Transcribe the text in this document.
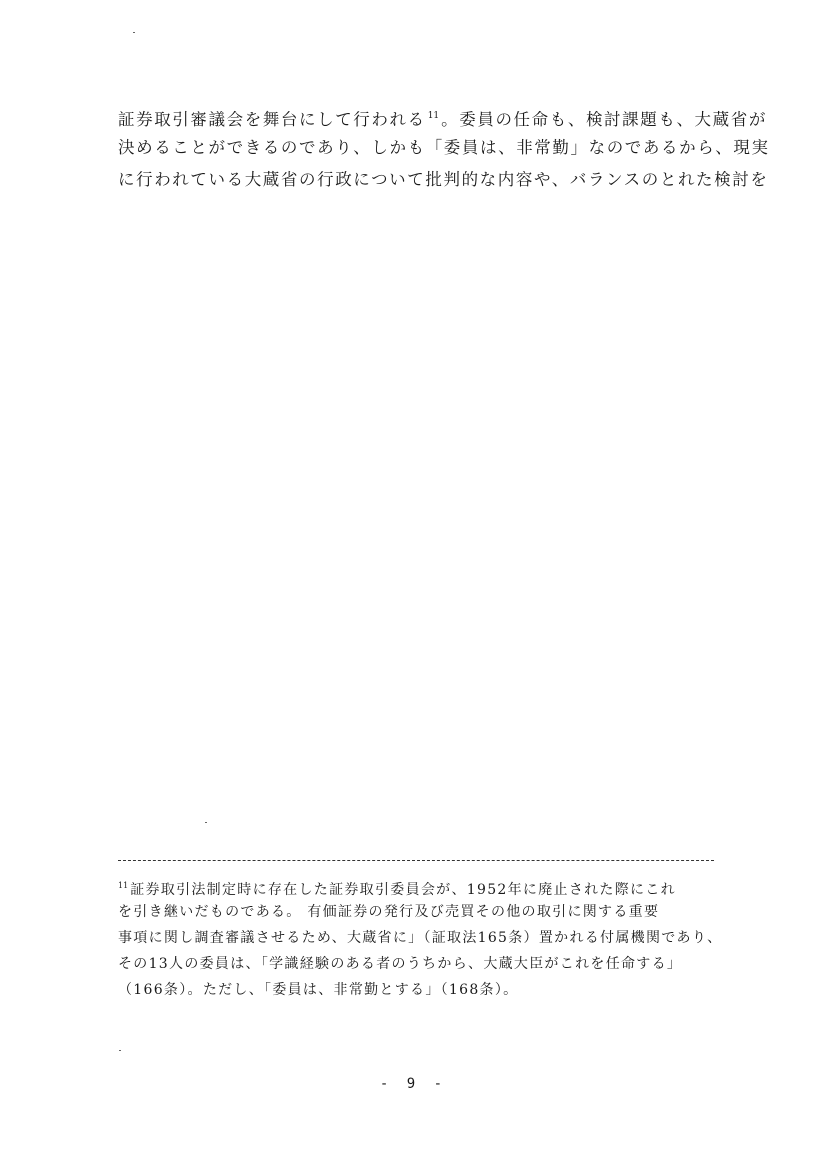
証券取引審議会を舞台にして行われる $^{11}$ 。委員の任命も、検討課題も、大蔵省が
決めることができるのであり、しかも「委員は、非常勤」なのであるから、現実
に行われている大蔵省の行政について批判的な内容や、バランスのとれた検討を
$^{11}$ 証券取引法制定時に存在した証券取引委員会が、1952年に廃止された際にこれ
を引き継いだものである。 有価証券の発行及び売買その他の取引に関する重要
事項に関し調査審議させるため、大蔵省に」（証取法165条）置かれる付属機関であり、
その13人の委員は、「学識経験のある者のうちから、大蔵大臣がこれを任命する」
（166条）。ただし、「委員は、非常勤とする」（168条）。
- 9 -
